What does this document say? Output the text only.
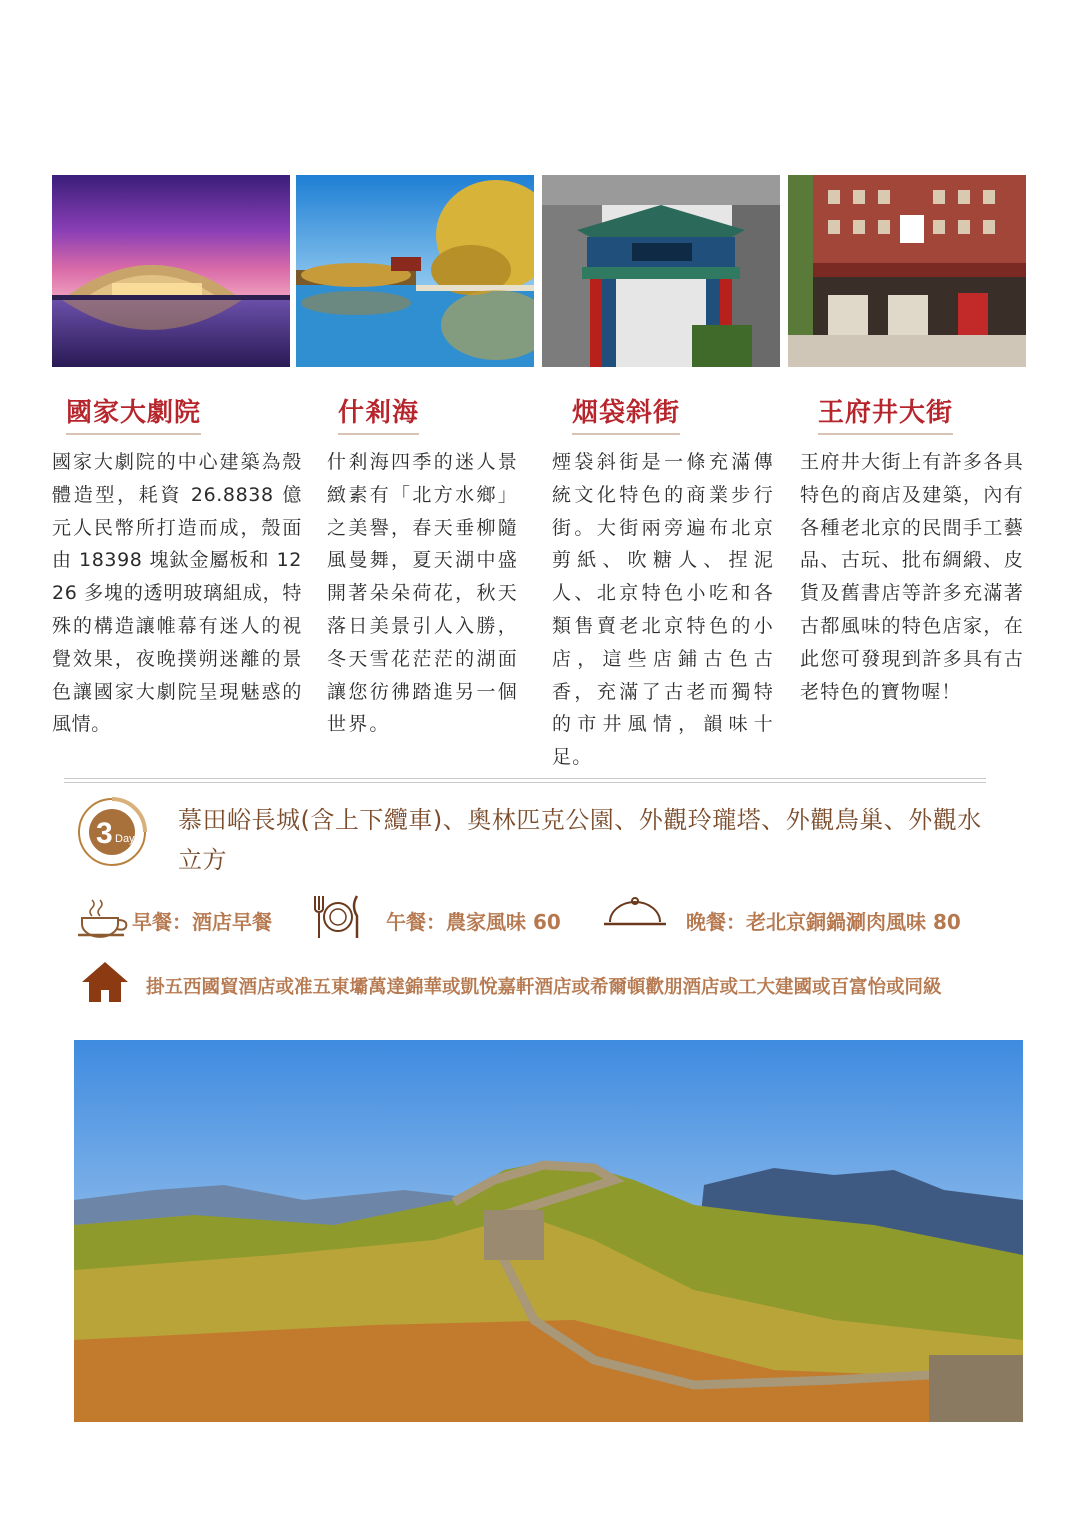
國家大劇院	什剎海	烟袋斜街	王府井大街
國家大劇院的中心建築為殼體造型，耗資 26.8838 億元人民幣所打造而成，殼面由 18398 塊鈦金屬板和 1226 多塊的透明玻璃組成，特殊的構造讓帷幕有迷人的視覺效果，夜晚撲朔迷離的景色讓國家大劇院呈現魅惑的風情。
什剎海四季的迷人景緻素有「北方水鄉」之美譽，春天垂柳隨風曼舞，夏天湖中盛開著朵朵荷花，秋天落日美景引人入勝，冬天雪花茫茫的湖面讓您彷彿踏進另一個世界。
煙袋斜街是一條充滿傳統文化特色的商業步行街。大街兩旁遍布北京剪紙、吹糖人、捏泥人、北京特色小吃和各類售賣老北京特色的小店，這些店鋪古色古香，充滿了古老而獨特的市井風情，韻味十足。
王府井大街上有許多各具特色的商店及建築，內有各種老北京的民間手工藝品、古玩、批布綢緞、皮貨及舊書店等許多充滿著古都風味的特色店家，在此您可發現到許多具有古老特色的寶物喔！
3 Day
慕田峪長城(含上下纜車)、奧林匹克公園、外觀玲瓏塔、外觀鳥巢、外觀水立方
早餐：酒店早餐	午餐：農家風味 60	晚餐：老北京銅鍋涮肉風味 80
掛五西國貿酒店或准五東壩萬達錦華或凱悅嘉軒酒店或希爾頓歡朋酒店或工大建國或百富怡或同級
